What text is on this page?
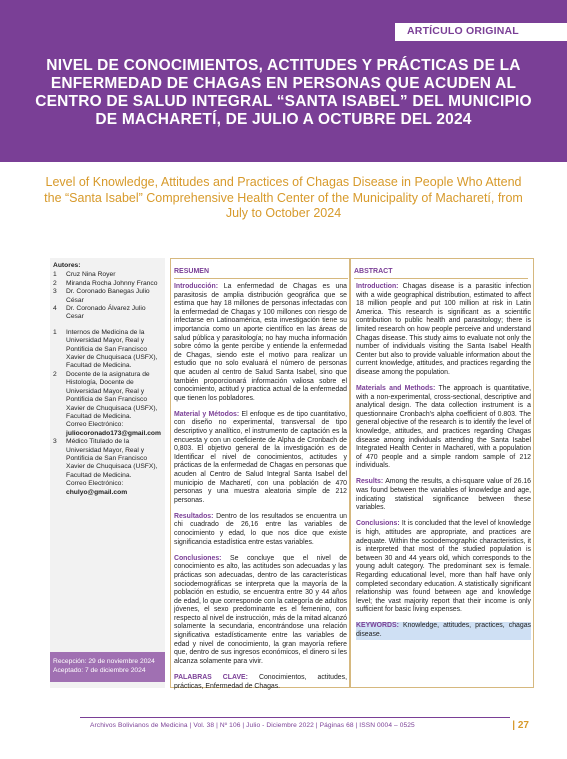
ARTÍCULO ORIGINAL
NIVEL DE CONOCIMIENTOS, ACTITUDES Y PRÁCTICAS DE LA ENFERMEDAD DE CHAGAS EN PERSONAS QUE ACUDEN AL CENTRO DE SALUD INTEGRAL “SANTA ISABEL” DEL MUNICIPIO DE MACHARETÍ, DE JULIO A OCTUBRE DEL 2024
Level of Knowledge, Attitudes and Practices of Chagas Disease in People Who Attend the “Santa Isabel” Comprehensive Health Center of the Municipality of Macharetí, from July to October 2024
Autores:
1	Cruz Nina Royer
2	Miranda Rocha Johnny Franco
3	Dr. Coronado Banegas Julio César
4	Dr. Coronado Álvarez Julio Cesar
1	Internos de Medicina de la Universidad Mayor, Real y Pontificia de San Francisco Xavier de Chuquisaca (USFX), Facultad de Medicina.
2	Docente de la asignatura de Histología, Docente de Universidad Mayor, Real y Pontificia de San Francisco Xavier de Chuquisaca (USFX), Facultad de Medicina.
Correo Electrónico:
juliocoronado173@gmail.com
3	Médico Titulado de la Universidad Mayor, Real y Pontificia de San Francisco Xavier de Chuquisaca (USFX), Facultad de Medicina.
Correo Electrónico: chulyo@gmail.com
Recepción: 29 de noviembre 2024
Aceptado: 7 de diciembre 2024
RESUMEN

Introducción: La enfermedad de Chagas es una parasitosis de amplia distribución geográfica que se estima que hay 18 millones de personas infectadas con la enfermedad de Chagas y 100 millones con riesgo de infectarse en Latinoamérica, esta investigación tiene su importancia como un aporte científico en las áreas de salud pública y parasitología; no hay mucha información sobre cómo la gente percibe y entiende la enfermedad de Chagas, siendo este el motivo para realizar un estudio que no solo evaluará el número de personas que acuden al centro de Salud Santa Isabel, sino que también proporcionará información valiosa sobre el conocimiento, actitud y practica actual de la enfermedad que tienen los pobladores.

Material y Métodos: El enfoque es de tipo cuantitativo, con diseño no experimental, transversal de tipo descriptivo y analítico, el instrumento de captación es la encuesta y con un coeficiente de Alpha de Cronbach de 0,803. El objetivo general de la investigación es de Identificar el nivel de conocimientos, actitudes y prácticas de la enfermedad de Chagas en personas que acuden al Centro de Salud Integral Santa Isabel del municipio de Macharetí, con una población de 470 personas y una muestra aleatoria simple de 212 personas.

Resultados: Dentro de los resultados se encuentra un chi cuadrado de 26,16 entre las variables de conocimiento y edad, lo que nos dice que existe significancia estadística entre estas variables.

Conclusiones: Se concluye que el nivel de conocimiento es alto, las actitudes son adecuadas y las prácticas son adecuadas, dentro de las características sociodemográficas se interpreta que la mayoría de la población en estudio, se encuentra entre 30 y 44 años de edad, lo que corresponde con la categoría de adultos jóvenes, el sexo predominante es el femenino, con respecto al nivel de instrucción, más de la mitad alcanzó solamente la secundaria, encontrándose una relación significativa estadísticamente entre las variables de edad y nivel de conocimiento, la gran mayoría refiere que, dentro de sus ingresos económicos, el dinero si les alcanza solamente para vivir.

PALABRAS CLAVE: Conocimientos, actitudes, prácticas, Enfermedad de Chagas.

ABSTRACT

Introduction: Chagas disease is a parasitic infection with a wide geographical distribution, estimated to affect 18 million people and put 100 million at risk in Latin America. This research is significant as a scientific contribution to public health and parasitology; there is limited research on how people perceive and understand Chagas disease. This study aims to evaluate not only the number of individuals visiting the Santa Isabel Health Center but also to provide valuable information about the current knowledge, attitudes, and practices regarding the disease among the population.

Materials and Methods: The approach is quantitative, with a non-experimental, cross-sectional, descriptive and analytical design. The data collection instrument is a questionnaire Cronbach's alpha coefficient of 0.803. The general objective of the research is to identify the level of knowledge, attitudes, and practices regarding Chagas disease among individuals attending the Santa Isabel Integrated Health Center in Macharetí, with a population of 470 people and a simple random sample of 212 individuals.

Results: Among the results, a chi-square value of 26.16 was found between the variables of knowledge and age, indicating statistical significance between these variables.

Conclusions: It is concluded that the level of knowledge is high, attitudes are appropriate, and practices are adequate. Within the sociodemographic characteristics, it is interpreted that most of the studied population is between 30 and 44 years old, which corresponds to the young adult category. The predominant sex is female. Regarding educational level, more than half have only completed secondary education. A statistically significant relationship was found between age and knowledge level; the vast majority report that their income is only sufficient for basic living expenses.

KEYWORDS: Knowledge, attitudes, practices, chagas disease.

Archivos Bolivianos de Medicina | Vol. 38 | Nº 106 | Julio - Diciembre 2022 | Páginas 68 | ISSN 0004 – 0525	| 27
